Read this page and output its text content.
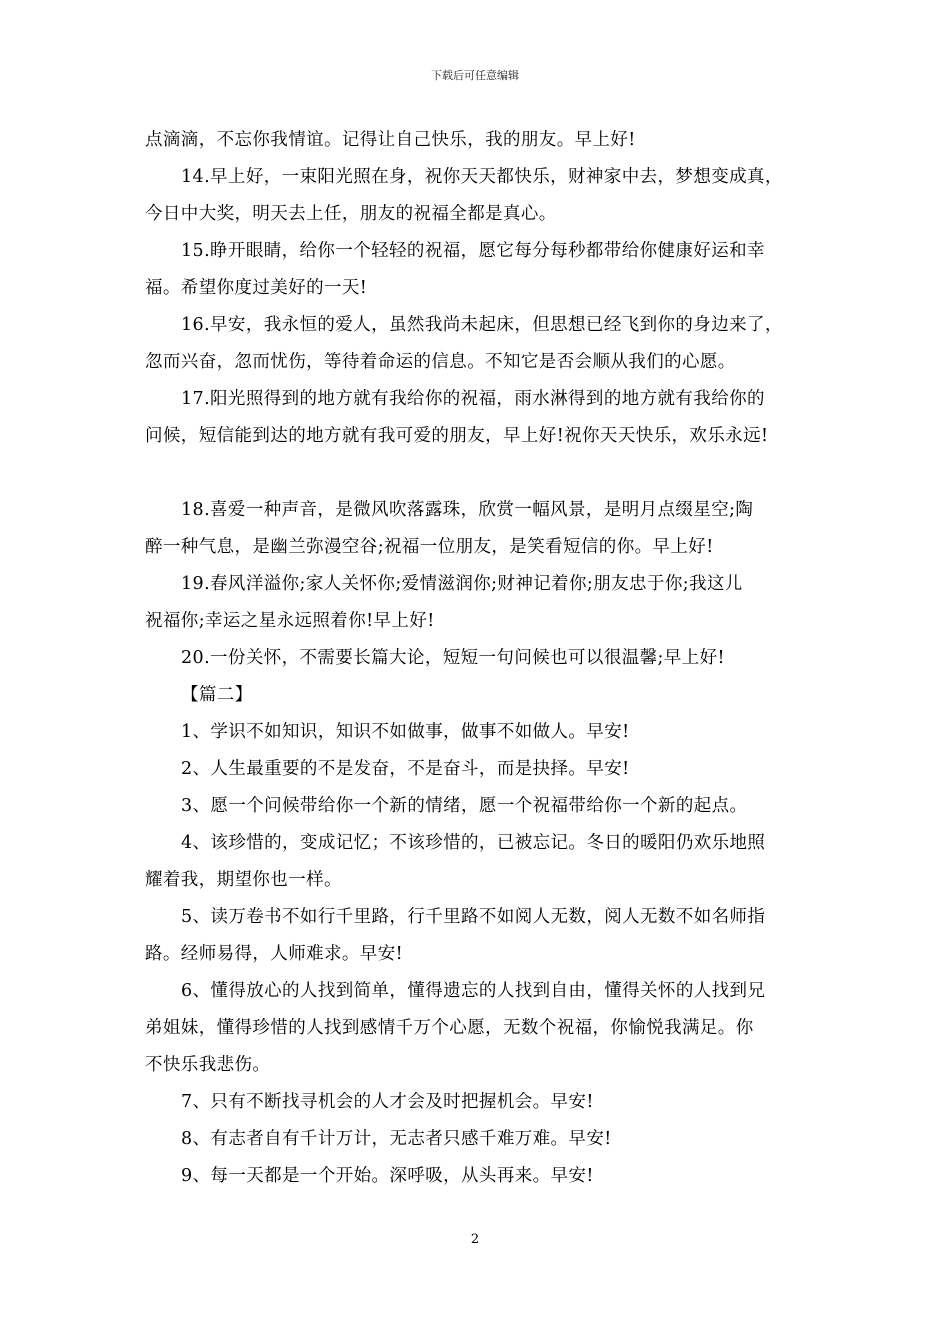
下载后可任意编辑
点滴滴，不忘你我情谊。记得让自己快乐，我的朋友。早上好!
14.早上好，一束阳光照在身，祝你天天都快乐，财神家中去，梦想变成真，
今日中大奖，明天去上任，朋友的祝福全都是真心。
15.睁开眼睛，给你一个轻轻的祝福，愿它每分每秒都带给你健康好运和幸
福。希望你度过美好的一天!
16.早安，我永恒的爱人，虽然我尚未起床，但思想已经飞到你的身边来了，
忽而兴奋，忽而忧伤，等待着命运的信息。不知它是否会顺从我们的心愿。
17.阳光照得到的地方就有我给你的祝福，雨水淋得到的地方就有我给你的
问候，短信能到达的地方就有我可爱的朋友，早上好!祝你天天快乐，欢乐永远!
18.喜爱一种声音，是微风吹落露珠，欣赏一幅风景，是明月点缀星空;陶
醉一种气息，是幽兰弥漫空谷;祝福一位朋友，是笑看短信的你。早上好!
19.春风洋溢你;家人关怀你;爱情滋润你;财神记着你;朋友忠于你;我这儿
祝福你;幸运之星永远照着你!早上好!
20.一份关怀，不需要长篇大论，短短一句问候也可以很温馨;早上好!
【篇二】
1、学识不如知识，知识不如做事，做事不如做人。早安!
2、人生最重要的不是发奋，不是奋斗，而是抉择。早安!
3、愿一个问候带给你一个新的情绪，愿一个祝福带给你一个新的起点。
4、该珍惜的，变成记忆；不该珍惜的，已被忘记。冬日的暖阳仍欢乐地照
耀着我，期望你也一样。
5、读万卷书不如行千里路，行千里路不如阅人无数，阅人无数不如名师指
路。经师易得，人师难求。早安!
6、懂得放心的人找到简单，懂得遗忘的人找到自由，懂得关怀的人找到兄
弟姐妹，懂得珍惜的人找到感情千万个心愿，无数个祝福，你愉悦我满足。你
不快乐我悲伤。
7、只有不断找寻机会的人才会及时把握机会。早安!
8、有志者自有千计万计，无志者只感千难万难。早安!
9、每一天都是一个开始。深呼吸，从头再来。早安!
2
